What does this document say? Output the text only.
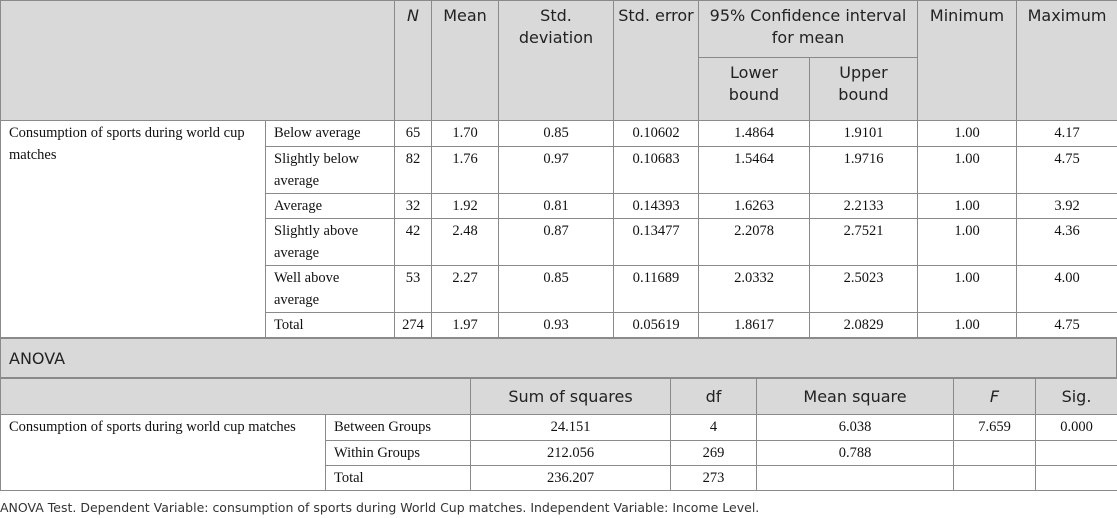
		N	Mean	Std. deviation	Std. error	95% Confidence interval for mean		Minimum	Maximum
						Lower bound	Upper bound		
Consumption of sports during world cup matches	Below average	65	1.70	0.85	0.10602	1.4864	1.9101	1.00	4.17
	Slightly below average	82	1.76	0.97	0.10683	1.5464	1.9716	1.00	4.75
	Average	32	1.92	0.81	0.14393	1.6263	2.2133	1.00	3.92
	Slightly above average	42	2.48	0.87	0.13477	2.2078	2.7521	1.00	4.36
	Well above average	53	2.27	0.85	0.11689	2.0332	2.5023	1.00	4.00
	Total	274	1.97	0.93	0.05619	1.8617	2.0829	1.00	4.75
ANOVA
		Sum of squares	df	Mean square	F	Sig.
Consumption of sports during world cup matches	Between Groups	24.151	4	6.038	7.659	0.000
	Within Groups	212.056	269	0.788		
	Total	236.207	273			
ANOVA Test. Dependent Variable: consumption of sports during World Cup matches. Independent Variable: Income Level.
